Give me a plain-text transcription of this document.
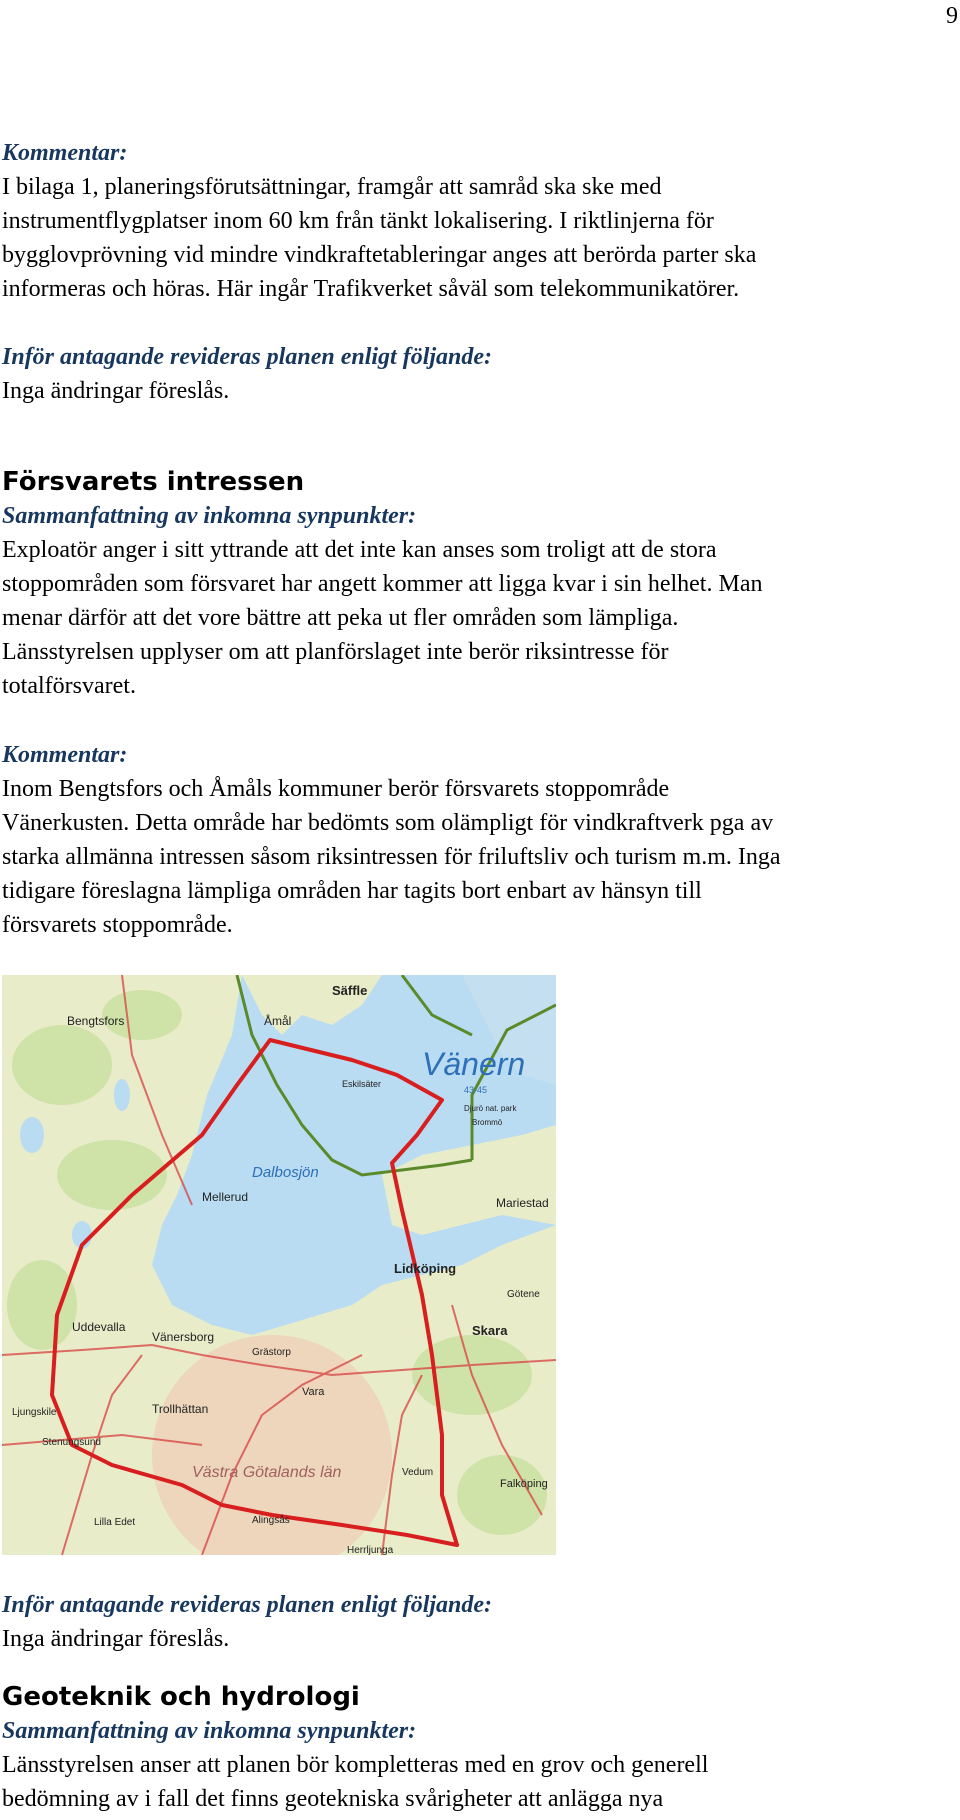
9

Kommentar:

I bilaga 1, planeringsförutsättningar, framgår att samråd ska ske med

instrumentflygplatser inom 60 km från tänkt lokalisering. I riktlinjerna för

bygglovprövning vid mindre vindkraftetableringar anges att berörda parter ska

informeras och höras. Här ingår Trafikverket såväl som telekommunikatörer.

Inför antagande revideras planen enligt följande:

Inga ändringar föreslås.

Försvarets intressen

Sammanfattning av inkomna synpunkter:

Exploatör anger i sitt yttrande att det inte kan anses som troligt att de stora

stoppområden som försvaret har angett kommer att ligga kvar i sin helhet. Man

menar därför att det vore bättre att peka ut fler områden som lämpliga.

Länsstyrelsen upplyser om att planförslaget inte berör riksintresse för

totalförsvaret.

Kommentar:

Inom Bengtsfors och Åmåls kommuner berör försvarets stoppområde

Vänerkusten. Detta område har bedömts som olämpligt för vindkraftverk pga av

starka allmänna intressen såsom riksintressen för friluftsliv och turism m.m. Inga

tidigare föreslagna lämpliga områden har tagits bort enbart av hänsyn till

försvarets stoppområde.

Vänern
43-45
Dalbosjön
Säffle
Bengtsfors	Åmål
Eskilsäter
Mellerud	Mariestad
Lidköping
Vänersborg
Uddevalla
Trollhättan
Skara
Götene
Grästorp
Vara
Västra Götalands län
Herrljunga
Falköping
Lilla Edet
Stenungsund
Ljungskile
Djurö nat. park
Brommö
Vedum
Alingsås

Inför antagande revideras planen enligt följande:

Inga ändringar föreslås.

Geoteknik och hydrologi

Sammanfattning av inkomna synpunkter:

Länsstyrelsen anser att planen bör kompletteras med en grov och generell

bedömning av i fall det finns geotekniska svårigheter att anlägga nya
